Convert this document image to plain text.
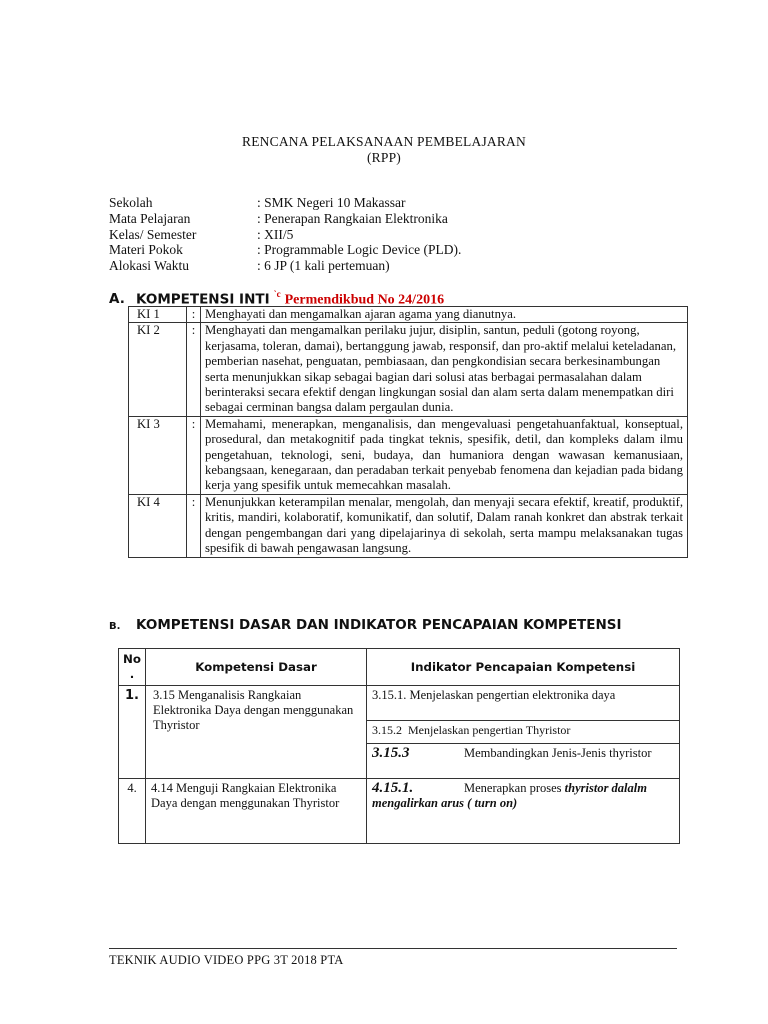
RENCANA PELAKSANAAN PEMBELAJARAN
(RPP)
Sekolah	: SMK Negeri 10 Makassar
Mata Pelajaran	: Penerapan Rangkaian Elektronika
Kelas/ Semester	: XII/5
Materi Pokok	: Programmable Logic Device (PLD).
Alokasi Waktu	: 6 JP (1 kali pertemuan)
A. KOMPETENSI INTI $^{`c}$ Permendikbud No 24/2016
KI 1	:	Menghayati dan mengamalkan ajaran agama yang dianutnya.
KI 2	:	Menghayati dan mengamalkan perilaku jujur, disiplin, santun, peduli (gotong royong, kerjasama, toleran, damai), bertanggung jawab, responsif, dan pro-aktif melalui keteladanan, pemberian nasehat, penguatan, pembiasaan, dan pengkondisian secara berkesinambungan serta menunjukkan sikap sebagai bagian dari solusi atas berbagai permasalahan dalam berinteraksi secara efektif dengan lingkungan sosial dan alam serta dalam menempatkan diri sebagai cerminan bangsa dalam pergaulan dunia.
KI 3	:	Memahami, menerapkan, menganalisis, dan mengevaluasi pengetahuanfaktual, konseptual, prosedural, dan metakognitif pada tingkat teknis, spesifik, detil, dan kompleks dalam ilmu pengetahuan, teknologi, seni, budaya, dan humaniora dengan wawasan kemanusiaan, kebangsaan, kenegaraan, dan peradaban terkait penyebab fenomena dan kejadian pada bidang kerja yang spesifik untuk memecahkan masalah.
KI 4	:	Menunjukkan keterampilan menalar, mengolah, dan menyaji secara efektif, kreatif, produktif, kritis, mandiri, kolaboratif, komunikatif, dan solutif, Dalam ranah konkret dan abstrak terkait dengan pengembangan dari yang dipelajarinya di sekolah, serta mampu melaksanakan tugas spesifik di bawah pengawasan langsung.
B. KOMPETENSI DASAR DAN INDIKATOR PENCAPAIAN KOMPETENSI
No .	Kompetensi Dasar	Indikator Pencapaian Kompetensi
1.	3.15 Menganalisis Rangkaian Elektronika Daya dengan menggunakan Thyristor	3.15.1. Menjelaskan pengertian elektronika daya
		3.15.2 Menjelaskan pengertian Thyristor
		3.15.3 Membandingkan Jenis-Jenis thyristor
4.	4.14 Menguji Rangkaian Elektronika Daya dengan menggunakan Thyristor	4.15.1. Menerapkan proses thyristor dalalm mengalirkan arus ( turn on)
TEKNIK AUDIO VIDEO PPG 3T 2018 PTA
